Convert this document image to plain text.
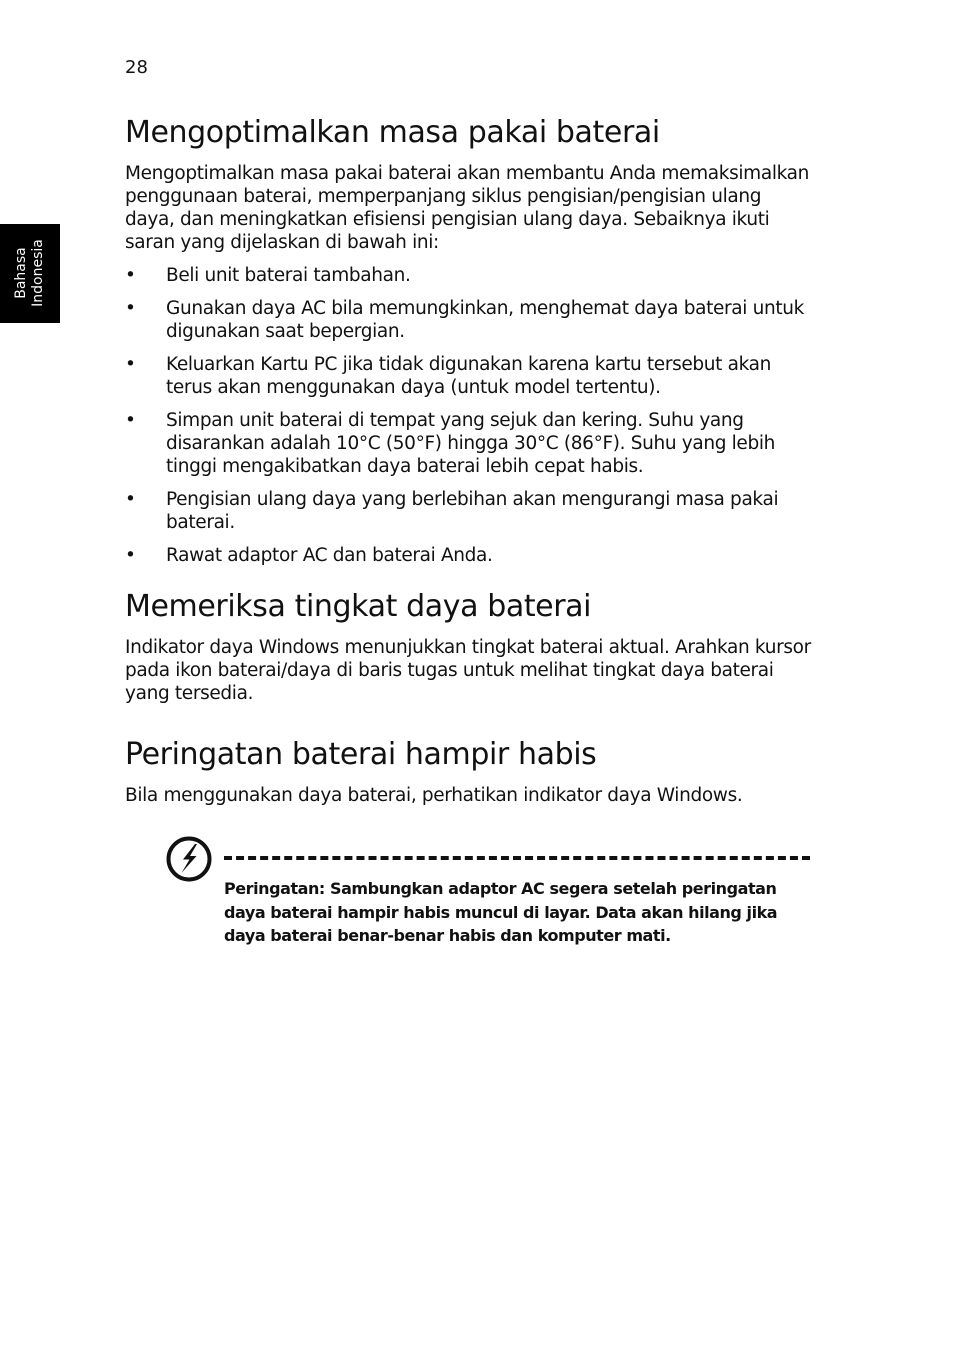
28
Bahasa Indonesia
Mengoptimalkan masa pakai baterai

Mengoptimalkan masa pakai baterai akan membantu Anda memaksimalkan penggunaan baterai, memperpanjang siklus pengisian/pengisian ulang daya, dan meningkatkan efisiensi pengisian ulang daya. Sebaiknya ikuti saran yang dijelaskan di bawah ini:

• Beli unit baterai tambahan.
• Gunakan daya AC bila memungkinkan, menghemat daya baterai untuk digunakan saat bepergian.
• Keluarkan Kartu PC jika tidak digunakan karena kartu tersebut akan terus akan menggunakan daya (untuk model tertentu).
• Simpan unit baterai di tempat yang sejuk dan kering. Suhu yang disarankan adalah 10°C (50°F) hingga 30°C (86°F). Suhu yang lebih tinggi mengakibatkan daya baterai lebih cepat habis.
• Pengisian ulang daya yang berlebihan akan mengurangi masa pakai baterai.
• Rawat adaptor AC dan baterai Anda.
Memeriksa tingkat daya baterai

Indikator daya Windows menunjukkan tingkat baterai aktual. Arahkan kursor pada ikon baterai/daya di baris tugas untuk melihat tingkat daya baterai yang tersedia.

Peringatan baterai hampir habis

Bila menggunakan daya baterai, perhatikan indikator daya Windows.

Peringatan: Sambungkan adaptor AC segera setelah peringatan daya baterai hampir habis muncul di layar. Data akan hilang jika daya baterai benar-benar habis dan komputer mati.
